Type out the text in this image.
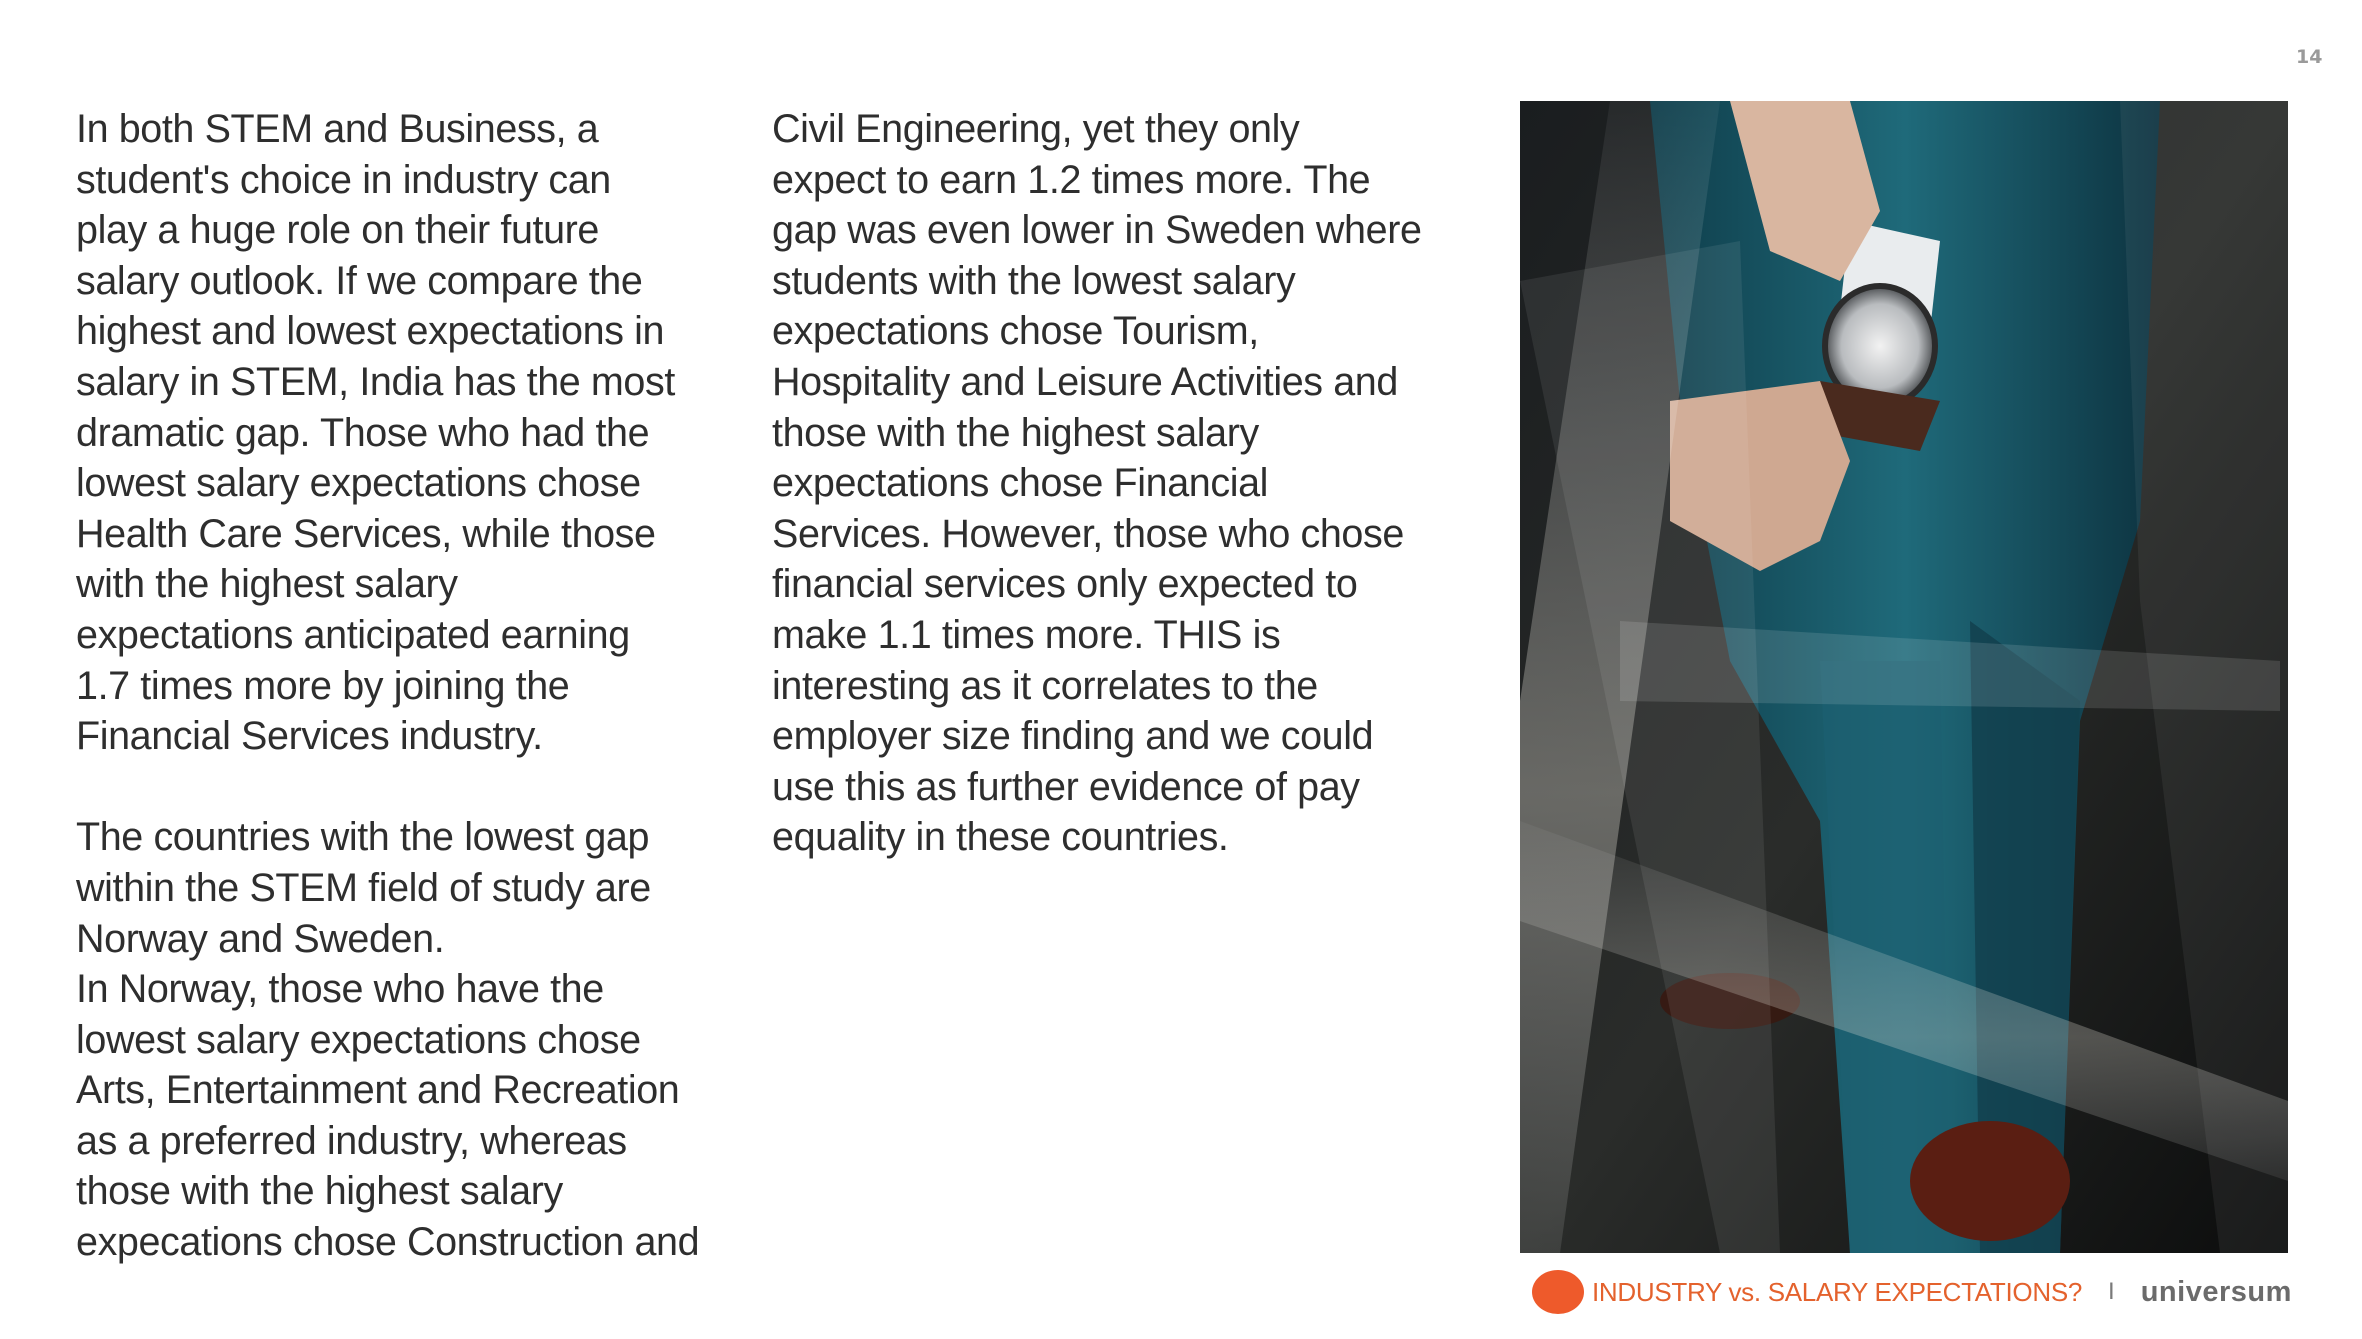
14

In both STEM and Business, a
student's choice in industry can
play a huge role on their future
salary outlook. If we compare the
highest and lowest expectations in
salary in STEM, India has the most
dramatic gap. Those who had the
lowest salary expectations chose
Health Care Services, while those
with the highest salary
expectations anticipated earning
1.7 times more by joining the
Financial Services industry.

The countries with the lowest gap
within the STEM field of study are
Norway and Sweden.

In Norway, those who have the
lowest salary expectations chose
Arts, Entertainment and Recreation
as a preferred industry, whereas
those with the highest salary
expecations chose Construction and

Civil Engineering, yet they only
expect to earn 1.2 times more. The
gap was even lower in Sweden where
students with the lowest salary
expectations chose Tourism,
Hospitality and Leisure Activities and
those with the highest salary
expectations chose Financial
Services. However, those who chose
financial services only expected to
make 1.1 times more. THIS is
interesting as it correlates to the
employer size finding and we could
use this as further evidence of pay
equality in these countries.

INDUSTRY vs. SALARY EXPECTATIONS? I universum
